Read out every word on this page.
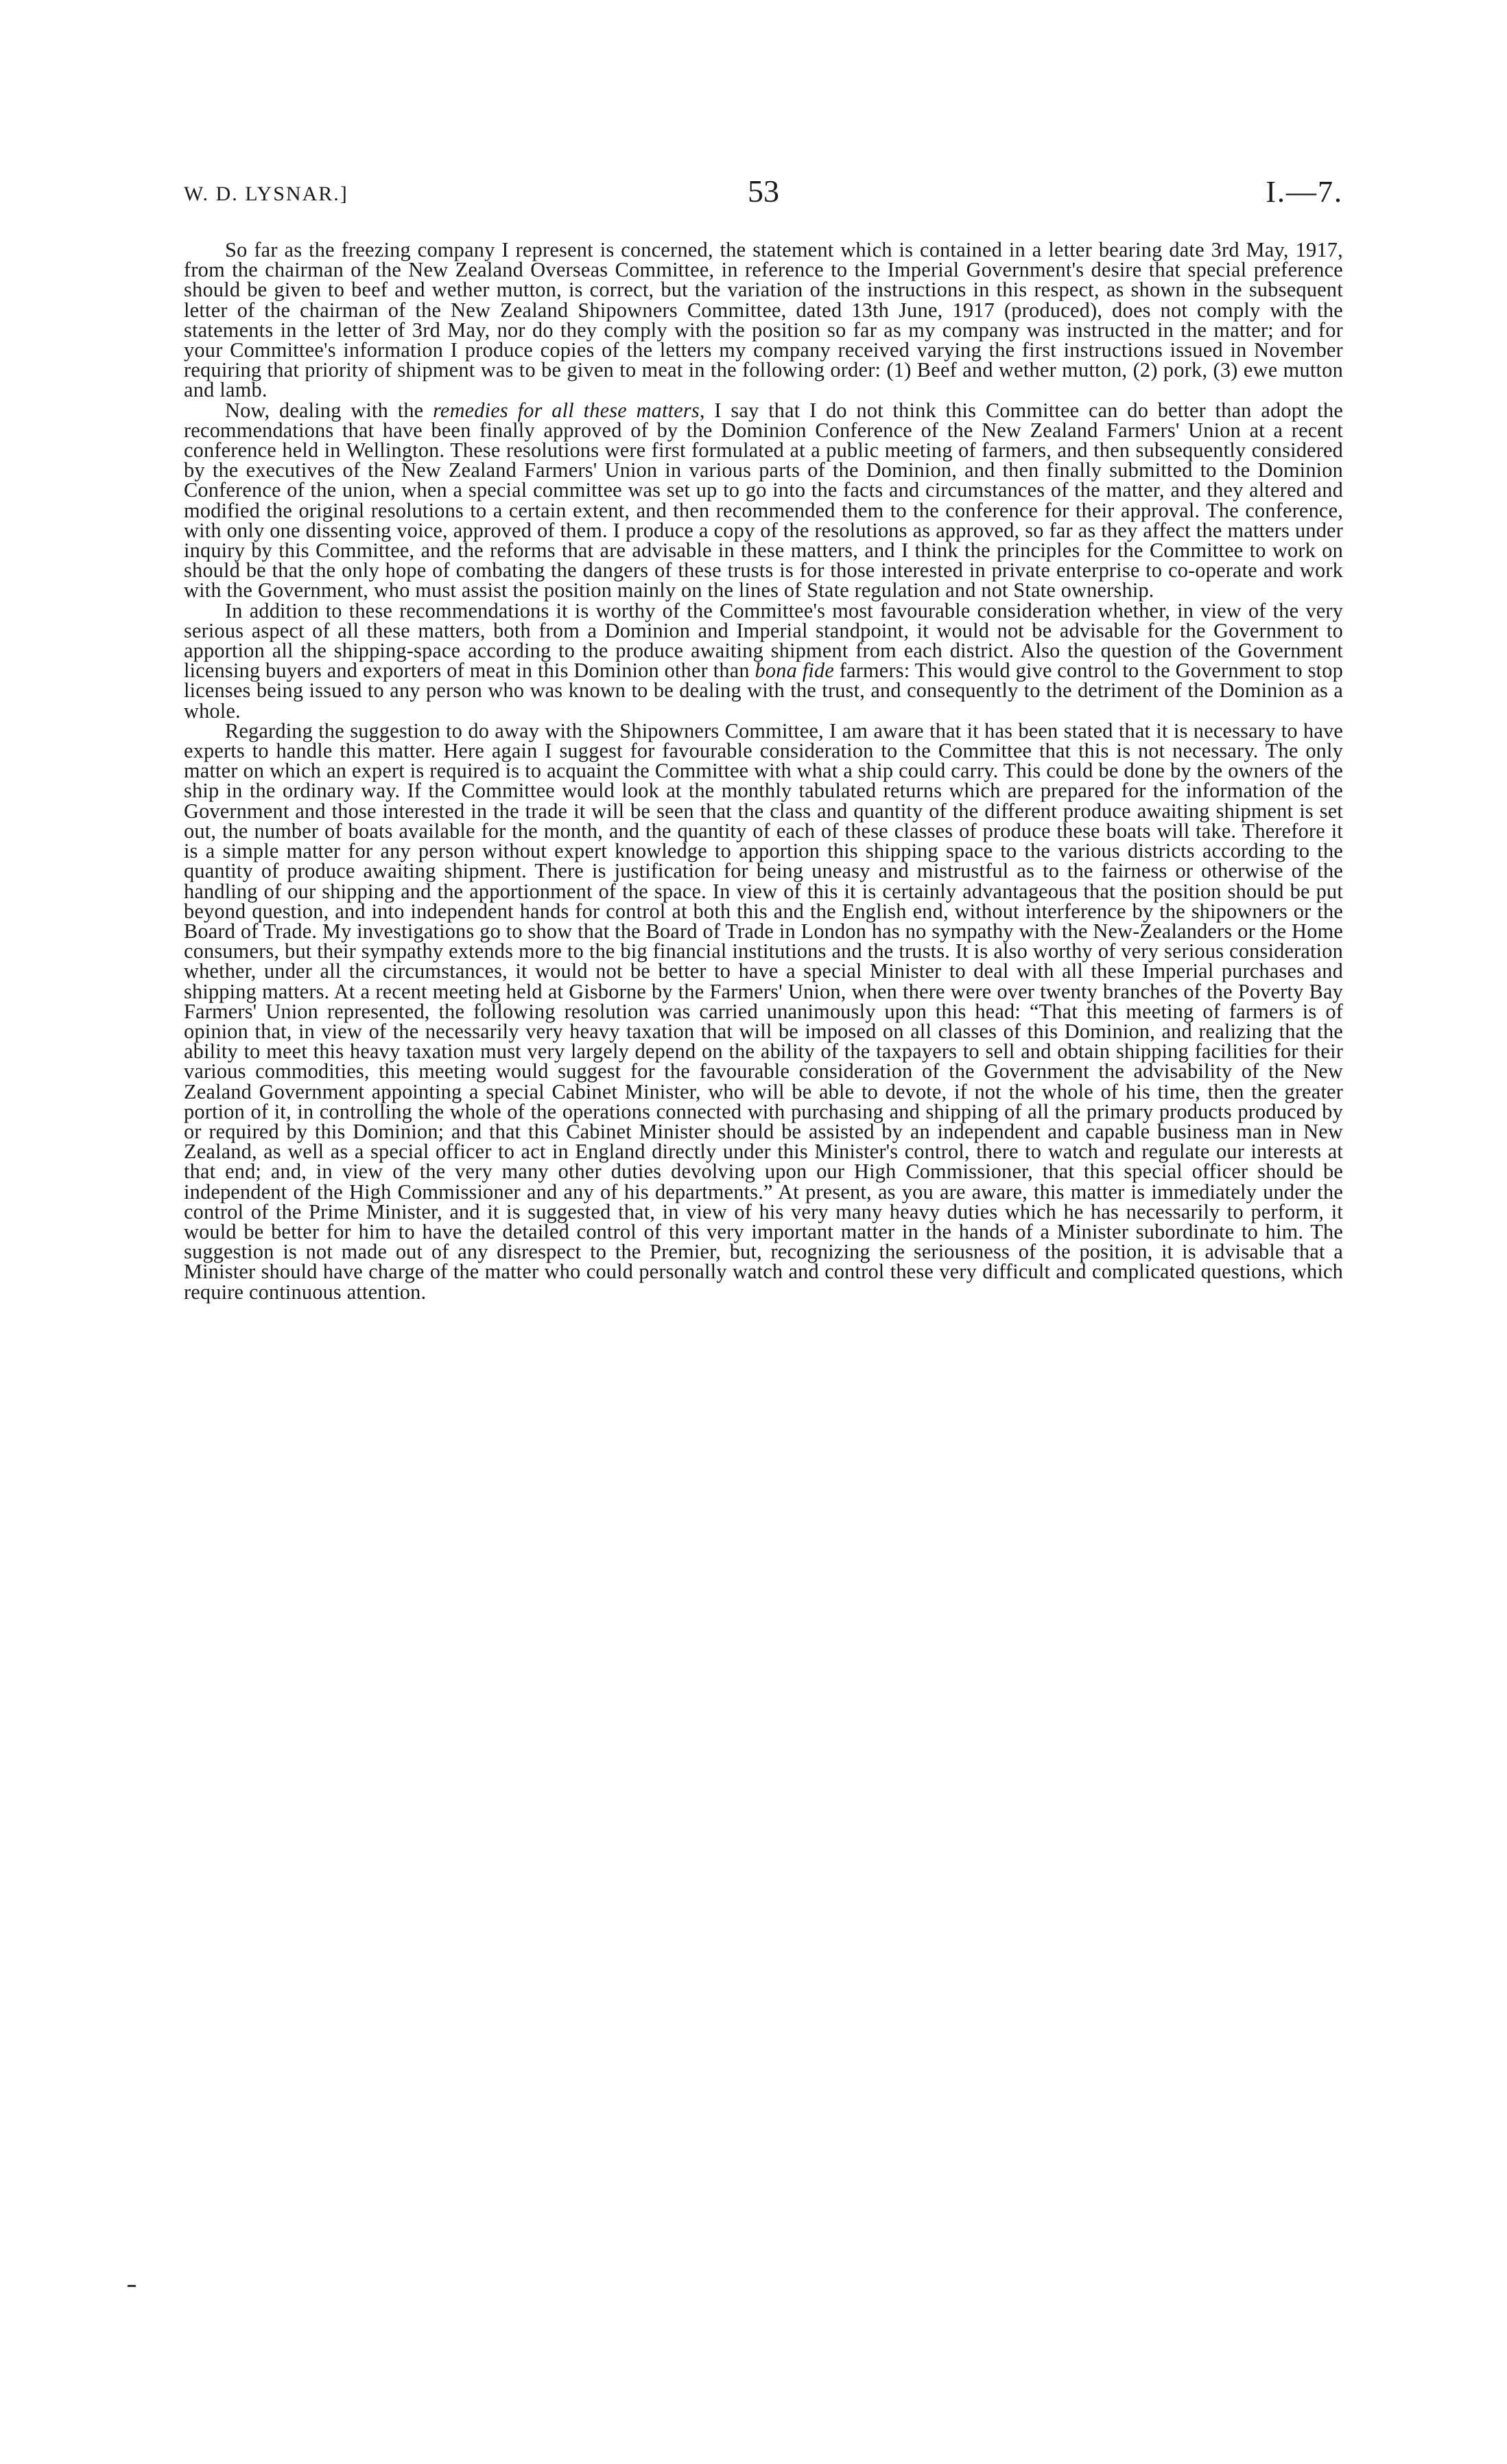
W. D. LYSNAR.]	53	I.—7.

So far as the freezing company I represent is concerned, the statement which is contained in a letter bearing date 3rd May, 1917, from the chairman of the New Zealand Overseas Committee, in reference to the Imperial Government's desire that special preference should be given to beef and wether mutton, is correct, but the variation of the instructions in this respect, as shown in the subsequent letter of the chairman of the New Zealand Shipowners Committee, dated 13th June, 1917 (produced), does not comply with the statements in the letter of 3rd May, nor do they comply with the position so far as my company was instructed in the matter; and for your Committee's information I produce copies of the letters my company received varying the first instructions issued in November requiring that priority of shipment was to be given to meat in the following order: (1) Beef and wether mutton, (2) pork, (3) ewe mutton and lamb.

Now, dealing with the remedies for all these matters, I say that I do not think this Committee can do better than adopt the recommendations that have been finally approved of by the Dominion Conference of the New Zealand Farmers' Union at a recent conference held in Wellington. These resolutions were first formulated at a public meeting of farmers, and then subsequently considered by the executives of the New Zealand Farmers' Union in various parts of the Dominion, and then finally submitted to the Dominion Conference of the union, when a special committee was set up to go into the facts and circumstances of the matter, and they altered and modified the original resolutions to a certain extent, and then recommended them to the conference for their approval. The conference, with only one dissenting voice, approved of them. I produce a copy of the resolutions as approved, so far as they affect the matters under inquiry by this Committee, and the reforms that are advisable in these matters, and I think the principles for the Committee to work on should be that the only hope of combating the dangers of these trusts is for those interested in private enterprise to co-operate and work with the Government, who must assist the position mainly on the lines of State regulation and not State ownership.

In addition to these recommendations it is worthy of the Committee's most favourable consideration whether, in view of the very serious aspect of all these matters, both from a Dominion and Imperial standpoint, it would not be advisable for the Government to apportion all the shipping-space according to the produce awaiting shipment from each district. Also the question of the Government licensing buyers and exporters of meat in this Dominion other than bona fide farmers: This would give control to the Government to stop licenses being issued to any person who was known to be dealing with the trust, and consequently to the detriment of the Dominion as a whole.

Regarding the suggestion to do away with the Shipowners Committee, I am aware that it has been stated that it is necessary to have experts to handle this matter. Here again I suggest for favourable consideration to the Committee that this is not necessary. The only matter on which an expert is required is to acquaint the Committee with what a ship could carry. This could be done by the owners of the ship in the ordinary way. If the Committee would look at the monthly tabulated returns which are prepared for the information of the Government and those interested in the trade it will be seen that the class and quantity of the different produce awaiting shipment is set out, the number of boats available for the month, and the quantity of each of these classes of produce these boats will take. Therefore it is a simple matter for any person without expert knowledge to apportion this shipping space to the various districts according to the quantity of produce awaiting shipment. There is justification for being uneasy and mistrustful as to the fairness or otherwise of the handling of our shipping and the apportionment of the space. In view of this it is certainly advantageous that the position should be put beyond question, and into independent hands for control at both this and the English end, without interference by the shipowners or the Board of Trade. My investigations go to show that the Board of Trade in London has no sympathy with the New-Zealanders or the Home consumers, but their sympathy extends more to the big financial institutions and the trusts. It is also worthy of very serious consideration whether, under all the circumstances, it would not be better to have a special Minister to deal with all these Imperial purchases and shipping matters. At a recent meeting held at Gisborne by the Farmers' Union, when there were over twenty branches of the Poverty Bay Farmers' Union represented, the following resolution was carried unanimously upon this head: “That this meeting of farmers is of opinion that, in view of the necessarily very heavy taxation that will be imposed on all classes of this Dominion, and realizing that the ability to meet this heavy taxation must very largely depend on the ability of the taxpayers to sell and obtain shipping facilities for their various commodities, this meeting would suggest for the favourable consideration of the Government the advisability of the New Zealand Government appointing a special Cabinet Minister, who will be able to devote, if not the whole of his time, then the greater portion of it, in controlling the whole of the operations connected with purchasing and shipping of all the primary products produced by or required by this Dominion; and that this Cabinet Minister should be assisted by an independent and capable business man in New Zealand, as well as a special officer to act in England directly under this Minister's control, there to watch and regulate our interests at that end; and, in view of the very many other duties devolving upon our High Commissioner, that this special officer should be independent of the High Commissioner and any of his departments.” At present, as you are aware, this matter is immediately under the control of the Prime Minister, and it is suggested that, in view of his very many heavy duties which he has necessarily to perform, it would be better for him to have the detailed control of this very important matter in the hands of a Minister subordinate to him. The suggestion is not made out of any disrespect to the Premier, but, recognizing the seriousness of the position, it is advisable that a Minister should have charge of the matter who could personally watch and control these very difficult and complicated questions, which require continuous attention.
